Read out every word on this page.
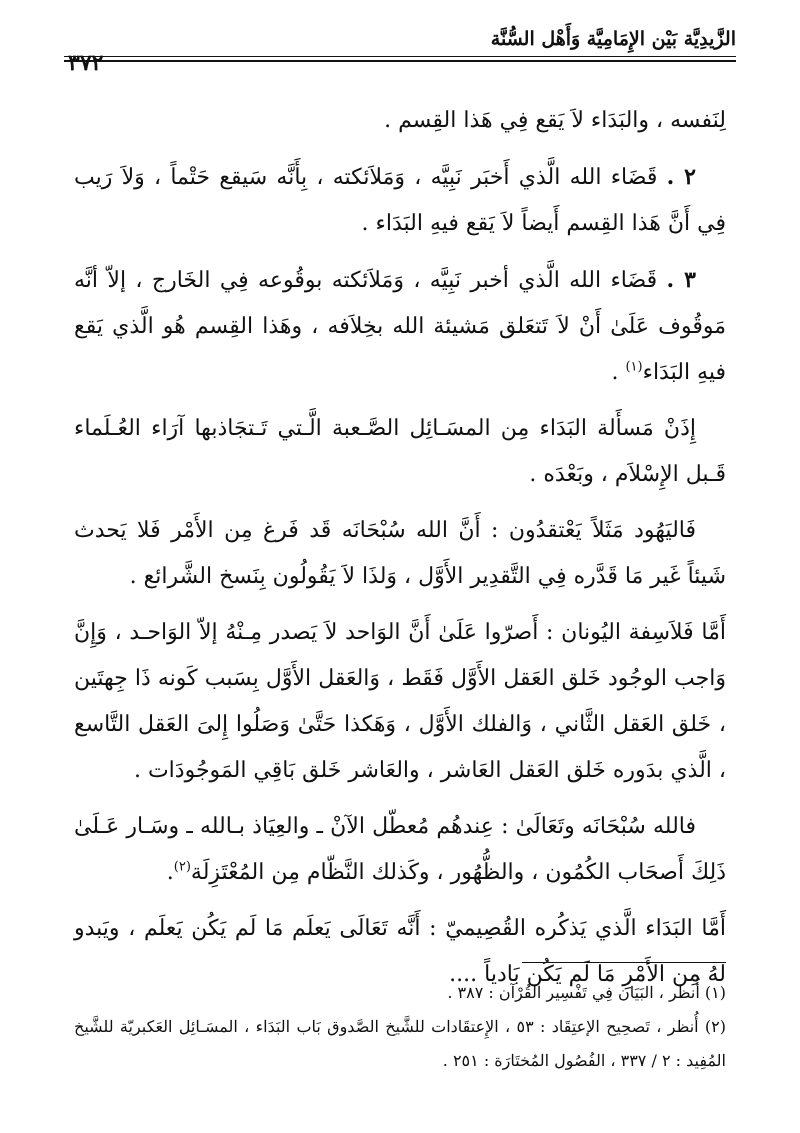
الزَّيدِيَّة بَيْن الإِمَامِيَّة وَأَهْل السُّنَّة
٣٧٢

لِنَفسه ، والبَدَاء لاَ يَقع فِي هَذا القِسم .

٢ . قَضَاء الله الَّذي أَخبَر نَبِيَّه ، وَمَلاَئكته ، بِأَنَّه سَيقع حَتْماً ، وَلاَ رَيب فِي أَنَّ هَذا القِسم أَيضاً لاَ يَقع فيهِ البَدَاء .

٣ . قَضَاء الله الَّذي أخبر نَبِيَّه ، وَمَلاَئكته بوقُوعه فِي الخَارج ، إلاّ أنَّه مَوقُوف عَلَىٰ أَنْ لاَ تَتعَلق مَشيئة الله بخِلاَفه ، وهَذا القِسم هُو الَّذي يَقع فيهِ البَدَاء$^{(١)}$ .

إِذَنْ مَسأَلة البَدَاء مِن المسَـائِل الصَّـعبة الَّـتي تَـتجَاذبها آرَاء العُـلَماء قَـبل الإِسْلاَم ، وبَعْدَه .

فَاليَهُود مَثَلاً يَعْتقدُون : أَنَّ الله سُبْحَانَه قَد فَرغ مِن الأَمْر فَلا يَحدث شَيئاً غَير مَا قَدَّره فِي التَّقدِير الأَوَّل ، وَلذَا لاَ يَقُولُون بِنَسخ الشَّرائع .

أَمَّا فَلاَسِفة اليُونان : أَصرّوا عَلَىٰ أَنَّ الوَاحد لاَ يَصدر مِـنْهُ إلاّ الوَاحـد ، وَإِنَّ وَاجب الوجُود خَلق العَقل الأَوَّل فَقَط ، وَالعَقل الأَوَّل بِسَبب كَونه ذَا جِهتَين ، خَلق العَقل الثَّاني ، وَالفلك الأَوَّل ، وَهَكذا حَتَّىٰ وَصَلُوا إِلىَ العَقل التَّاسع ، الَّذي بدَوره خَلق العَقل العَاشر ، والعَاشر خَلق بَاقِي المَوجُودَات .

فالله سُبْحَانَه وتَعَالَىٰ : عِندهُم مُعطّل الآنْ ـ والعِيَاذ بـالله ـ وسَـار عَـلَىٰ ذَلِكَ أَصحَاب الكُمُون ، والظُّهُور ، وكَذلك النَّظّام مِن المُعْتَزِلَة$^{(٢)}$.

أَمَّا البَدَاء الَّذي يَذكُره القُصِيميّ : أَنَّه تَعَالَى يَعلَم مَا لَم يَكُن يَعلَم ، ويَبدو لهُ مِن الأَمْرِ مَا لَم يَكُن بَادياً ....

(١) أُنظر ، البَيَان فِي تَفْسِير القُرْآن : ٣٨٧ .

(٢) أُنظر ، تَصحِيح الإعتِقَاد : ٥٣ ، الإِعتقَادات للشَّيخ الصَّدوق بَاب البَدَاء ، المسَـائِل العَكبريّة للشَّيخ المُفِيد : ٢ / ٣٣٧ ، الفُصُول المُختَارَة : ٢٥١ .
